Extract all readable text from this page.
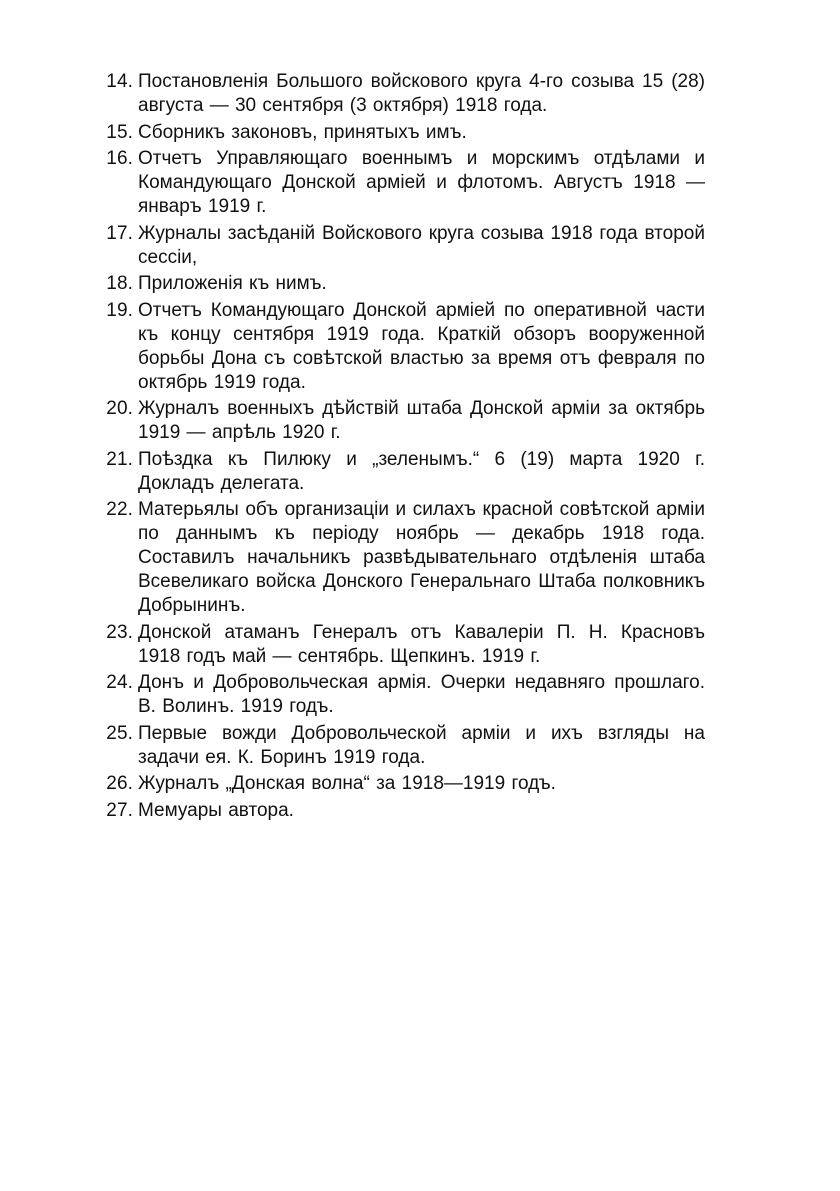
14. Постановленія Большого войскового круга 4-го созыва 15 (28) августа — 30 сентября (3 октября) 1918 года.
15. Сборникъ законовъ, принятыхъ имъ.
16. Отчетъ Управляющаго военнымъ и морскимъ отдѣлами и Командующаго Донской арміей и флотомъ. Августъ 1918 — январъ 1919 г.
17. Журналы засѣданій Войскового круга созыва 1918 года второй сессіи,
18. Приложенія къ нимъ.
19. Отчетъ Командующаго Донской арміей по оперативной части къ концу сентября 1919 года. Краткій обзоръ вооруженной борьбы Дона съ совѣтской властью за время отъ февраля по октябрь 1919 года.
20. Журналъ военныхъ дѣйствій штаба Донской арміи за октябрь 1919 — апрѣль 1920 г.
21. Поѣздка къ Пилюку и „зеленымъ.“ 6 (19) марта 1920 г. Докладъ делегата.
22. Матерьялы объ организаціи и силахъ красной совѣтской арміи по даннымъ къ періоду ноябрь — декабрь 1918 года. Составилъ начальникъ развѣдывательнаго отдѣленія штаба Всевеликаго войска Донского Генеральнаго Штаба полковникъ Добрынинъ.
23. Донской атаманъ Генералъ отъ Кавалеріи П. Н. Красновъ 1918 годъ май — сентябрь. Щепкинъ. 1919 г.
24. Донъ и Добровольческая армія. Очерки недавняго прошлаго. В. Волинъ. 1919 годъ.
25. Первые вожди Добровольческой арміи и ихъ взгляды на задачи ея. К. Боринъ 1919 года.
26. Журналъ „Донская волна“ за 1918—1919 годъ.
27. Мемуары автора.
